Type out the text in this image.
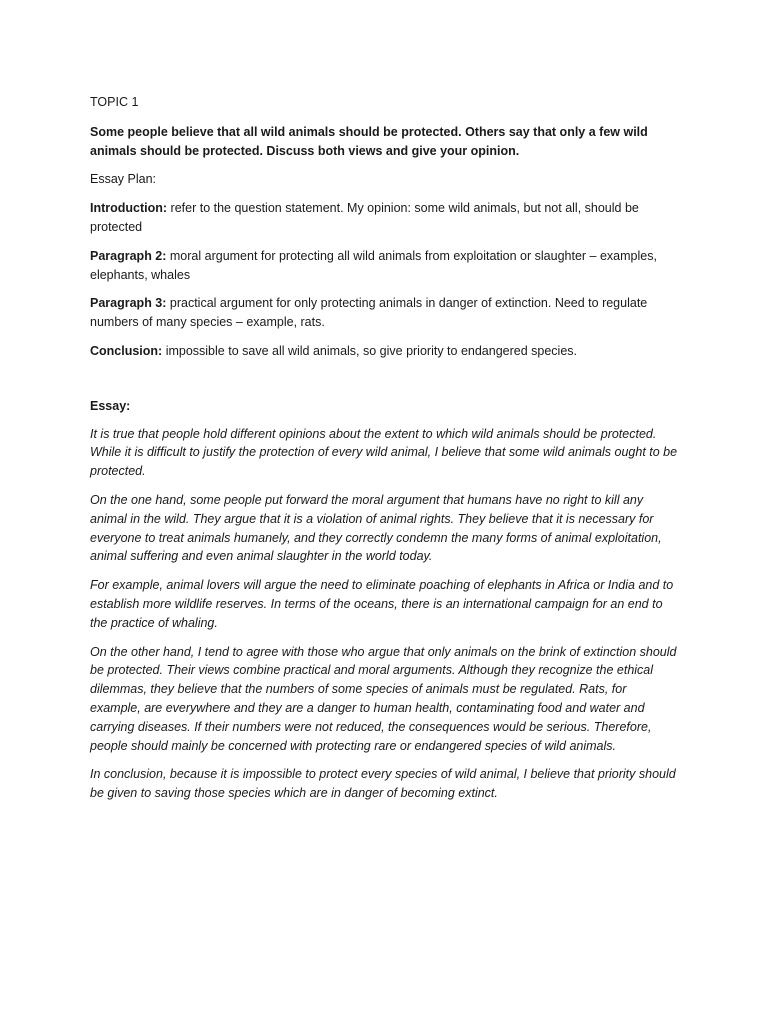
TOPIC 1
Some people believe that all wild animals should be protected. Others say that only a few wild animals should be protected. Discuss both views and give your opinion.
Essay Plan:
Introduction: refer to the question statement. My opinion: some wild animals, but not all, should be protected
Paragraph 2: moral argument for protecting all wild animals from exploitation or slaughter – examples, elephants, whales
Paragraph 3: practical argument for only protecting animals in danger of extinction. Need to regulate numbers of many species – example, rats.
Conclusion: impossible to save all wild animals, so give priority to endangered species.
Essay:

It is true that people hold different opinions about the extent to which wild animals should be protected. While it is difficult to justify the protection of every wild animal, I believe that some wild animals ought to be protected.

On the one hand, some people put forward the moral argument that humans have no right to kill any animal in the wild. They argue that it is a violation of animal rights. They believe that it is necessary for everyone to treat animals humanely, and they correctly condemn the many forms of animal exploitation, animal suffering and even animal slaughter in the world today.

For example, animal lovers will argue the need to eliminate poaching of elephants in Africa or India and to establish more wildlife reserves. In terms of the oceans, there is an international campaign for an end to the practice of whaling.

On the other hand, I tend to agree with those who argue that only animals on the brink of extinction should be protected. Their views combine practical and moral arguments. Although they recognize the ethical dilemmas, they believe that the numbers of some species of animals must be regulated. Rats, for example, are everywhere and they are a danger to human health, contaminating food and water and carrying diseases. If their numbers were not reduced, the consequences would be serious. Therefore, people should mainly be concerned with protecting rare or endangered species of wild animals.

In conclusion, because it is impossible to protect every species of wild animal, I believe that priority should be given to saving those species which are in danger of becoming extinct.
